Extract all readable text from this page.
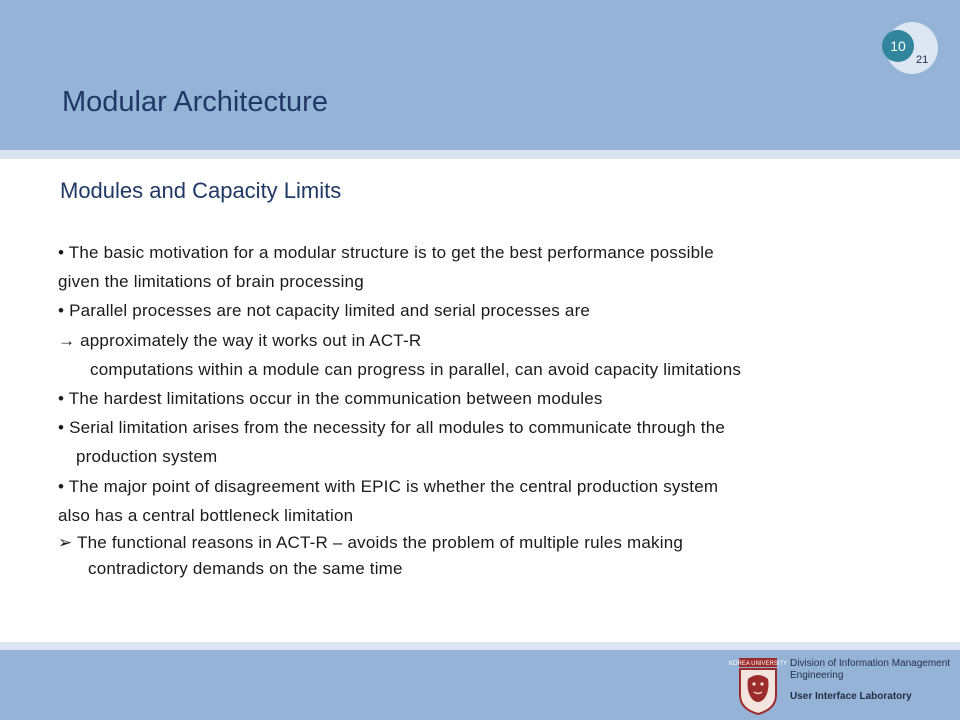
Modular Architecture
10
21
Modules and Capacity Limits
• The basic motivation for a modular structure is to get the best performance possible
given the limitations of brain processing
• Parallel processes are not capacity limited and serial processes are
→ approximately the way it works out in ACT-R
computations within a module can progress in parallel, can avoid capacity limitations
• The hardest limitations occur in the communication between modules
• Serial limitation arises from the necessity for all modules to communicate through the
production system
• The major point of disagreement with EPIC is whether the central production system
also has a central bottleneck limitation
➢ The functional reasons in ACT-R – avoids the problem of multiple rules making
contradictory demands on the same time
KOREA UNIVERSITY Division of Information Management Engineering
User Interface Laboratory
